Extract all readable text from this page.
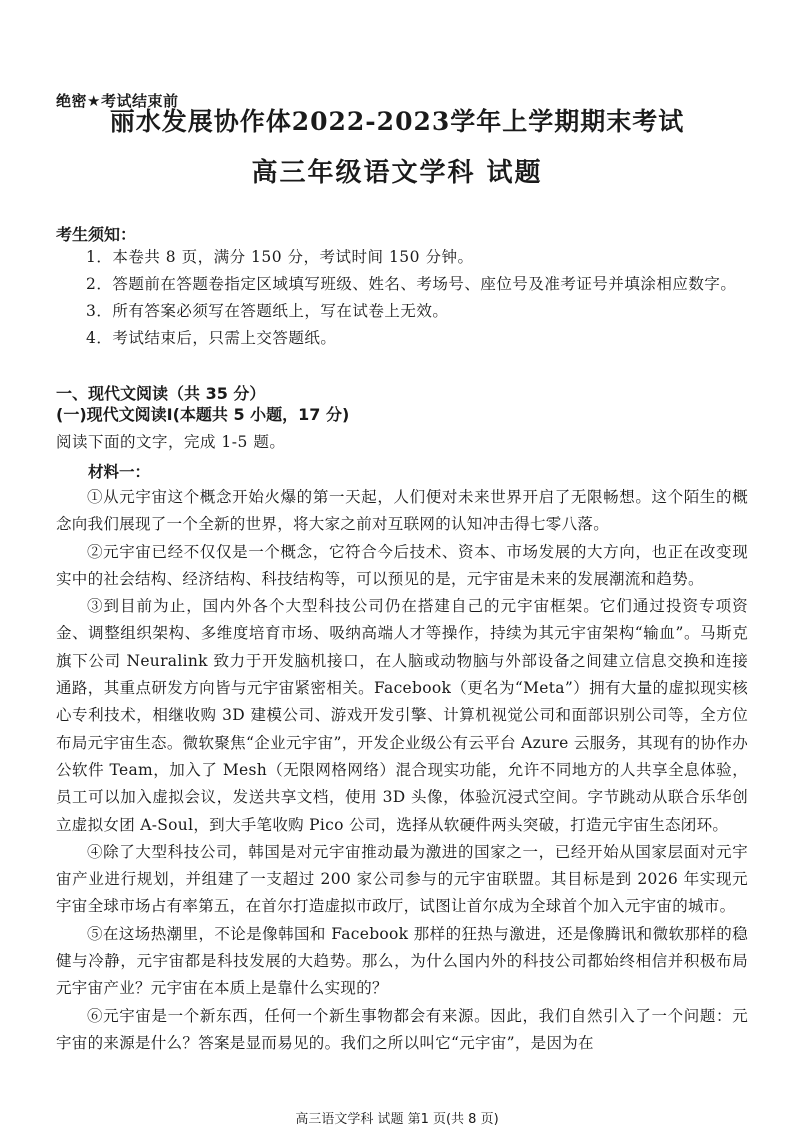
绝密★考试结束前
丽水发展协作体2022-2023学年上学期期末考试
高三年级语文学科 试题
考生须知：
1．本卷共 8 页，满分 150 分，考试时间 150 分钟。
2．答题前在答题卷指定区域填写班级、姓名、考场号、座位号及准考证号并填涂相应数字。
3．所有答案必须写在答题纸上，写在试卷上无效。
4．考试结束后，只需上交答题纸。
一、现代文阅读（共 35 分）
(一)现代文阅读Ⅰ(本题共 5 小题，17 分)
阅读下面的文字，完成 1-5 题。
材料一：

①从元宇宙这个概念开始火爆的第一天起，人们便对未来世界开启了无限畅想。这个陌生的概念向我们展现了一个全新的世界，将大家之前对互联网的认知冲击得七零八落。

②元宇宙已经不仅仅是一个概念，它符合今后技术、资本、市场发展的大方向，也正在改变现实中的社会结构、经济结构、科技结构等，可以预见的是，元宇宙是未来的发展潮流和趋势。

③到目前为止，国内外各个大型科技公司仍在搭建自己的元宇宙框架。它们通过投资专项资金、调整组织架构、多维度培育市场、吸纳高端人才等操作，持续为其元宇宙架构“输血”。马斯克旗下公司 Neuralink 致力于开发脑机接口，在人脑或动物脑与外部设备之间建立信息交换和连接通路，其重点研发方向皆与元宇宙紧密相关。Facebook（更名为“Meta”）拥有大量的虚拟现实核心专利技术，相继收购 3D 建模公司、游戏开发引擎、计算机视觉公司和面部识别公司等，全方位布局元宇宙生态。微软聚焦“企业元宇宙”，开发企业级公有云平台 Azure 云服务，其现有的协作办公软件 Team，加入了 Mesh（无限网格网络）混合现实功能，允许不同地方的人共享全息体验，员工可以加入虚拟会议，发送共享文档，使用 3D 头像，体验沉浸式空间。字节跳动从联合乐华创立虚拟女团 A-Soul，到大手笔收购 Pico 公司，选择从软硬件两头突破，打造元宇宙生态闭环。

④除了大型科技公司，韩国是对元宇宙推动最为激进的国家之一，已经开始从国家层面对元宇宙产业进行规划，并组建了一支超过 200 家公司参与的元宇宙联盟。其目标是到 2026 年实现元宇宙全球市场占有率第五，在首尔打造虚拟市政厅，试图让首尔成为全球首个加入元宇宙的城市。

⑤在这场热潮里，不论是像韩国和 Facebook 那样的狂热与激进，还是像腾讯和微软那样的稳健与冷静，元宇宙都是科技发展的大趋势。那么，为什么国内外的科技公司都始终相信并积极布局元宇宙产业？元宇宙在本质上是靠什么实现的？

⑥元宇宙是一个新东西，任何一个新生事物都会有来源。因此，我们自然引入了一个问题：元宇宙的来源是什么？答案是显而易见的。我们之所以叫它“元宇宙”，是因为在

高三语文学科 试题 第1 页(共 8 页)
